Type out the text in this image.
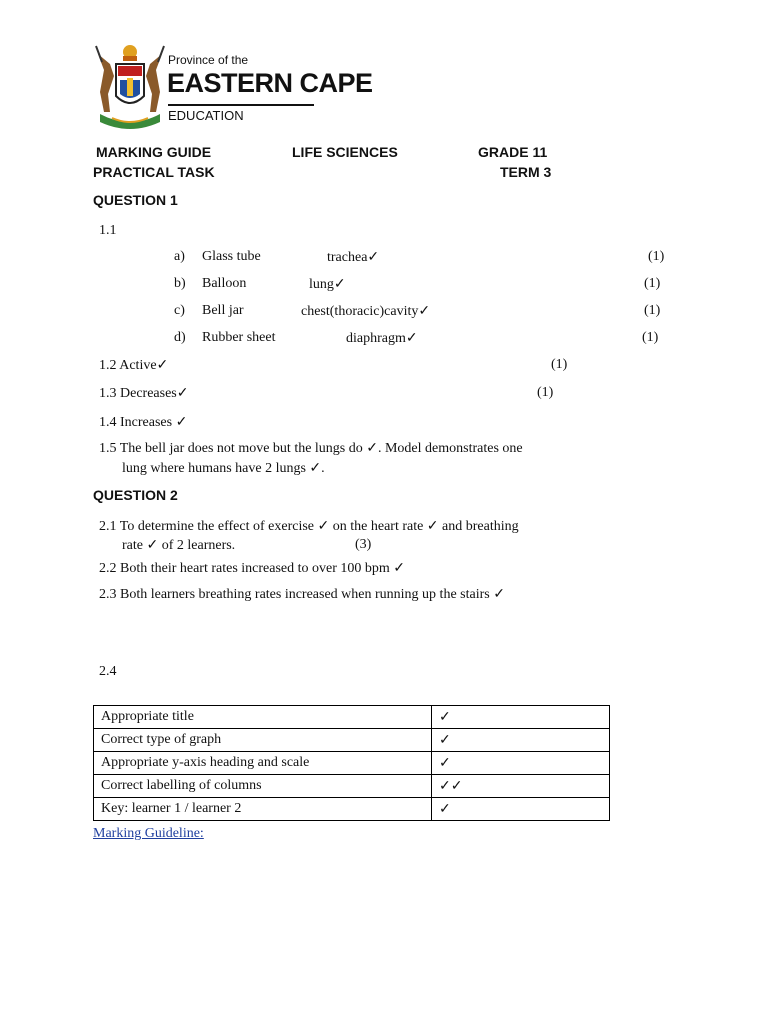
Province of the
EASTERN CAPE
EDUCATION
MARKING GUIDE	LIFE SCIENCES	GRADE 11
PRACTICAL TASK	TERM 3
QUESTION 1
1.1
a) Glass tube	trachea✓	(1)
b) Balloon	lung✓	(1)
c) Bell jar	chest(thoracic)cavity✓	(1)
d) Rubber sheet	diaphragm✓	(1)
1.2 Active✓	(1)
1.3 Decreases✓	(1)
1.4 Increases ✓
1.5 The bell jar does not move but the lungs do ✓. Model demonstrates one
lung where humans have 2 lungs ✓.
QUESTION 2
2.1 To determine the effect of exercise ✓ on the heart rate ✓ and breathing
rate ✓ of 2 learners.	(3)
2.2 Both their heart rates increased to over 100 bpm ✓
2.3 Both learners breathing rates increased when running up the stairs ✓
2.4
Appropriate title	✓
Correct type of graph	✓
Appropriate y-axis heading and scale	✓
Correct labelling of columns	✓✓
Key: learner 1 / learner 2	✓
Marking Guideline:
